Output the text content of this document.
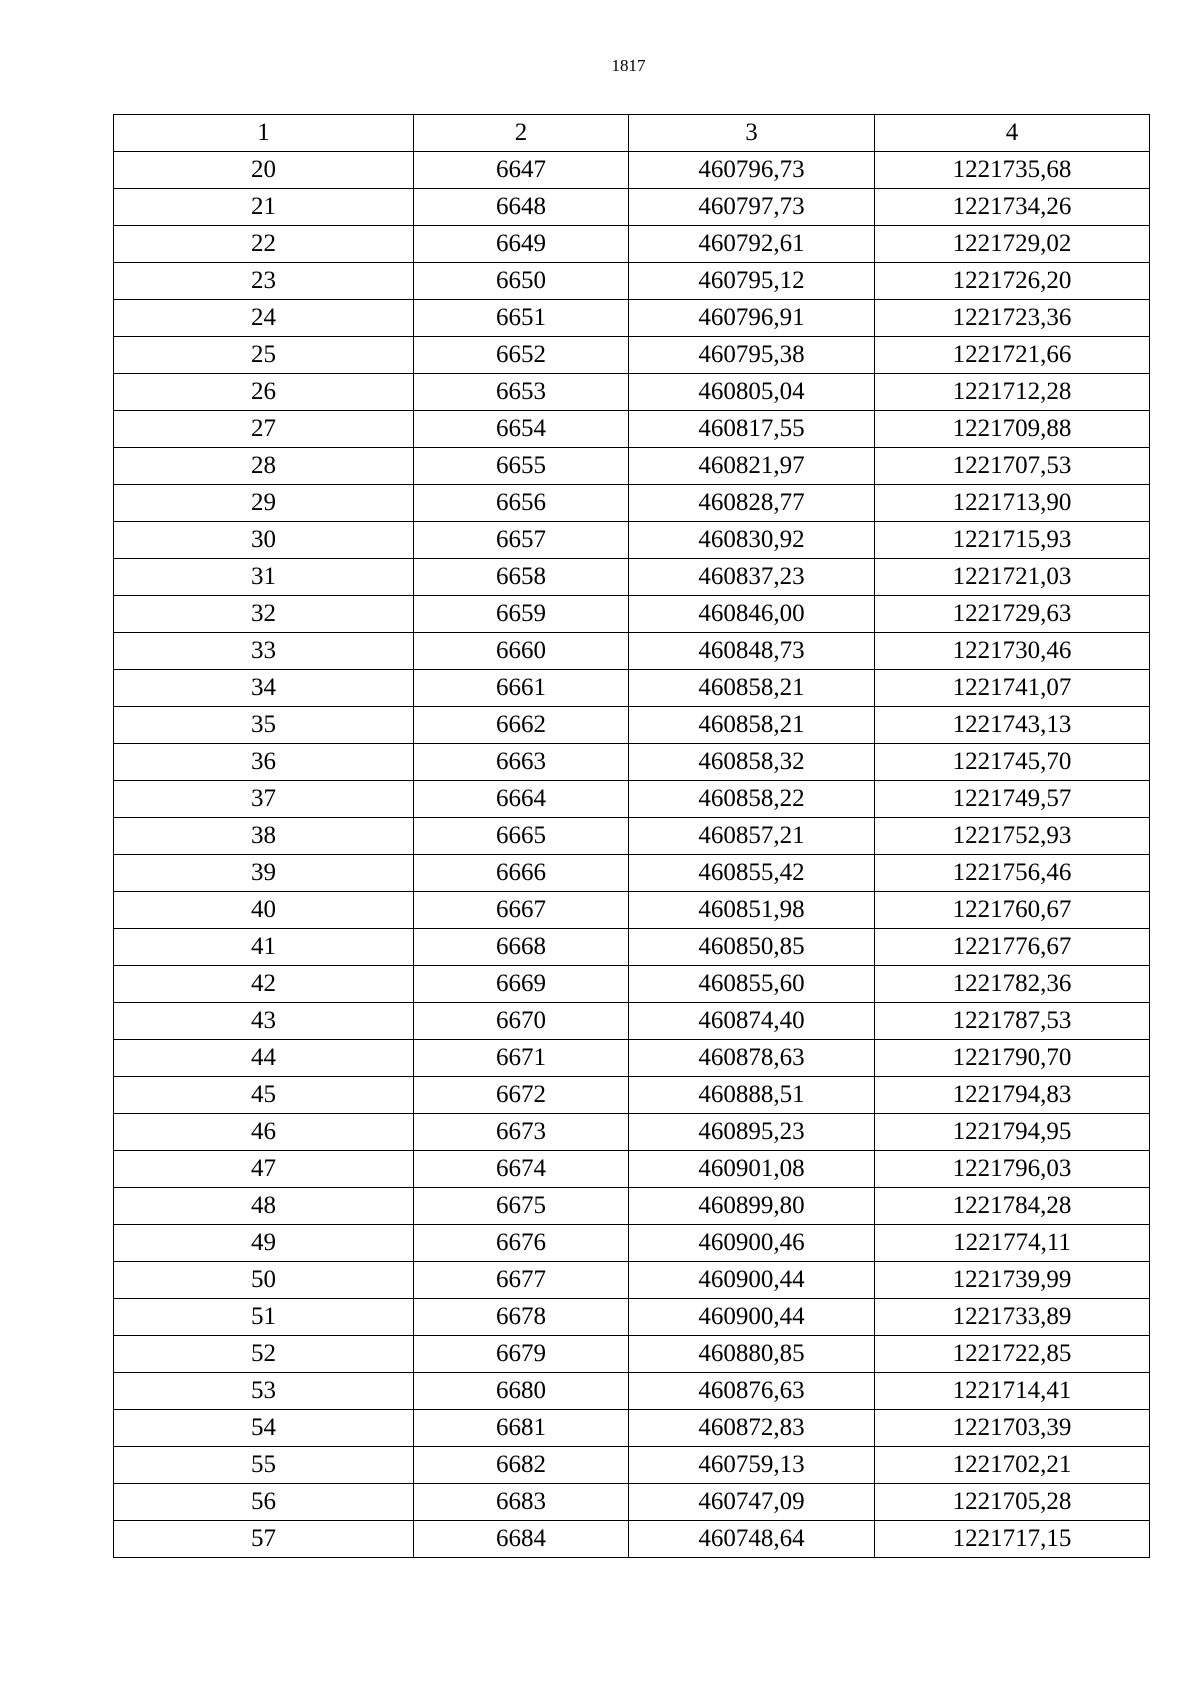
1817
1	2	3	4
20	6647	460796,73	1221735,68
21	6648	460797,73	1221734,26
22	6649	460792,61	1221729,02
23	6650	460795,12	1221726,20
24	6651	460796,91	1221723,36
25	6652	460795,38	1221721,66
26	6653	460805,04	1221712,28
27	6654	460817,55	1221709,88
28	6655	460821,97	1221707,53
29	6656	460828,77	1221713,90
30	6657	460830,92	1221715,93
31	6658	460837,23	1221721,03
32	6659	460846,00	1221729,63
33	6660	460848,73	1221730,46
34	6661	460858,21	1221741,07
35	6662	460858,21	1221743,13
36	6663	460858,32	1221745,70
37	6664	460858,22	1221749,57
38	6665	460857,21	1221752,93
39	6666	460855,42	1221756,46
40	6667	460851,98	1221760,67
41	6668	460850,85	1221776,67
42	6669	460855,60	1221782,36
43	6670	460874,40	1221787,53
44	6671	460878,63	1221790,70
45	6672	460888,51	1221794,83
46	6673	460895,23	1221794,95
47	6674	460901,08	1221796,03
48	6675	460899,80	1221784,28
49	6676	460900,46	1221774,11
50	6677	460900,44	1221739,99
51	6678	460900,44	1221733,89
52	6679	460880,85	1221722,85
53	6680	460876,63	1221714,41
54	6681	460872,83	1221703,39
55	6682	460759,13	1221702,21
56	6683	460747,09	1221705,28
57	6684	460748,64	1221717,15
